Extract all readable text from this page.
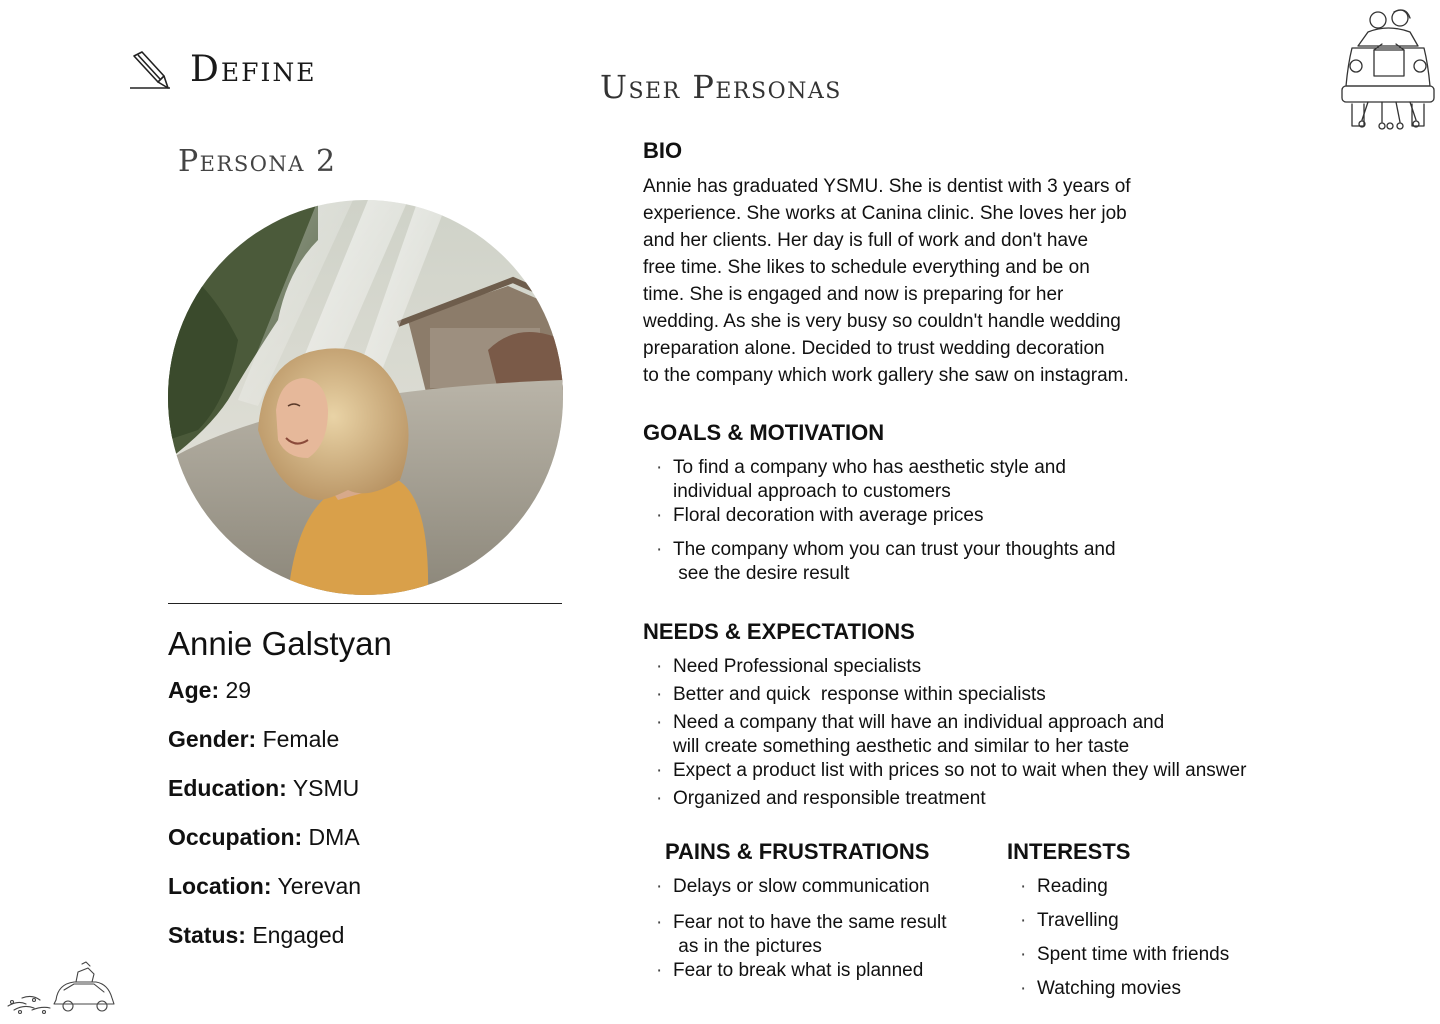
Define	User Personas
Persona 2
Annie Galstyan
Age: 29
Gender: Female
Education: YSMU
Occupation: DMA
Location: Yerevan
Status: Engaged
BIO
Annie has graduated YSMU. She is dentist with 3 years of
experience. She works at Canina clinic. She loves her job
and her clients. Her day is full of work and don't have
free time. She likes to schedule everything and be on
time. She is engaged and now is preparing for her
wedding. As she is very busy so couldn't handle wedding
preparation alone. Decided to trust wedding decoration
to the company which work gallery she saw on instagram.
GOALS & MOTIVATION
· To find a company who has aesthetic style and
individual approach to customers
· Floral decoration with average prices
· The company whom you can trust your thoughts and
see the desire result
NEEDS & EXPECTATIONS
· Need Professional specialists
· Better and quick  response within specialists
· Need a company that will have an individual approach and
will create something aesthetic and similar to her taste
· Expect a product list with prices so not to wait when they will answer
· Organized and responsible treatment
PAINS & FRUSTRATIONS
· Delays or slow communication
· Fear not to have the same result
as in the pictures
· Fear to break what is planned
INTERESTS
· Reading
· Travelling
· Spent time with friends
· Watching movies
